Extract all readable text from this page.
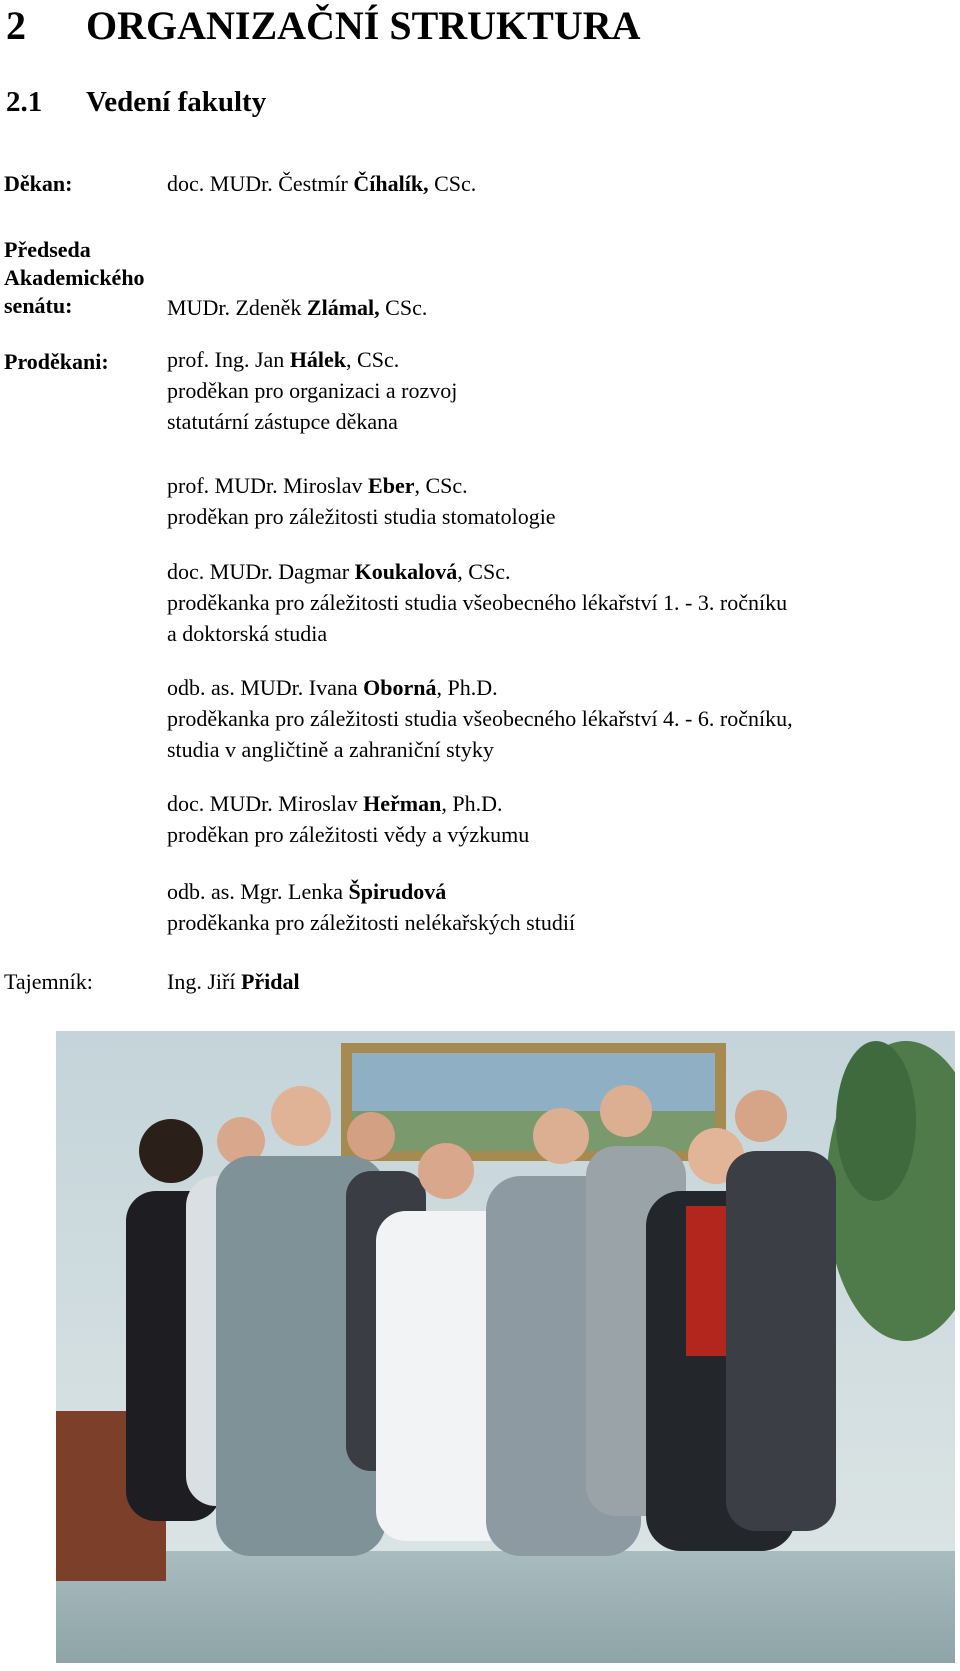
2 ORGANIZAČNÍ STRUKTURA
2.1 Vedení fakulty
Děkan:	doc. MUDr. Čestmír Číhalík, CSc.
Předseda
Akademického
senátu:	MUDr. Zdeněk Zlámal, CSc.
Proděkani:	prof. Ing. Jan Hálek, CSc.
proděkan pro organizaci a rozvoj
statutární zástupce děkana
prof. MUDr. Miroslav Eber, CSc.
proděkan pro záležitosti studia stomatologie
doc. MUDr. Dagmar Koukalová, CSc.
proděkanka pro záležitosti studia všeobecného lékařství 1. - 3. ročníku
a doktorská studia
odb. as. MUDr. Ivana Oborná, Ph.D.
proděkanka pro záležitosti studia všeobecného lékařství 4. - 6. ročníku,
studia v angličtině a zahraniční styky
doc. MUDr. Miroslav Heřman, Ph.D.
proděkan pro záležitosti vědy a výzkumu
odb. as. Mgr. Lenka Špirudová
proděkanka pro záležitosti nelékařských studií
Tajemník:	Ing. Jiří Přidal
